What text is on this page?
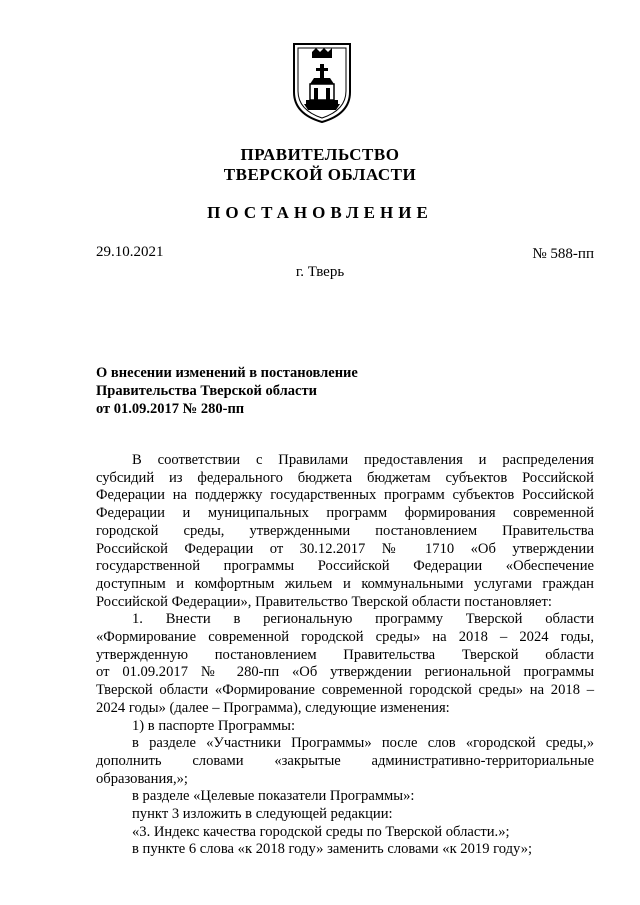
ПРАВИТЕЛЬСТВО
ТВЕРСКОЙ ОБЛАСТИ
ПОСТАНОВЛЕНИЕ
29.10.2021	№ 588-пп
г. Тверь
О внесении изменений в постановление
Правительства Тверской области
от 01.09.2017 № 280-пп
В соответствии с Правилами предоставления и распределения
субсидий из федерального бюджета бюджетам субъектов Российской
Федерации на поддержку государственных программ субъектов Российской
Федерации и муниципальных программ формирования современной
городской среды, утвержденными постановлением Правительства
Российской Федерации от 30.12.2017 № 1710 «Об утверждении
государственной программы Российской Федерации «Обеспечение
доступным и комфортным жильем и коммунальными услугами граждан
Российской Федерации», Правительство Тверской области постановляет:
1. Внести в региональную программу Тверской области
«Формирование современной городской среды» на 2018 – 2024 годы,
утвержденную постановлением Правительства Тверской области
от 01.09.2017 № 280-пп «Об утверждении региональной программы
Тверской области «Формирование современной городской среды» на 2018 –
2024 годы» (далее – Программа), следующие изменения:
1) в паспорте Программы:
в разделе «Участники Программы» после слов «городской среды,»
дополнить словами «закрытые административно-территориальные
образования,»;
в разделе «Целевые показатели Программы»:
пункт 3 изложить в следующей редакции:
«3. Индекс качества городской среды по Тверской области.»;
в пункте 6 слова «к 2018 году» заменить словами «к 2019 году»;
